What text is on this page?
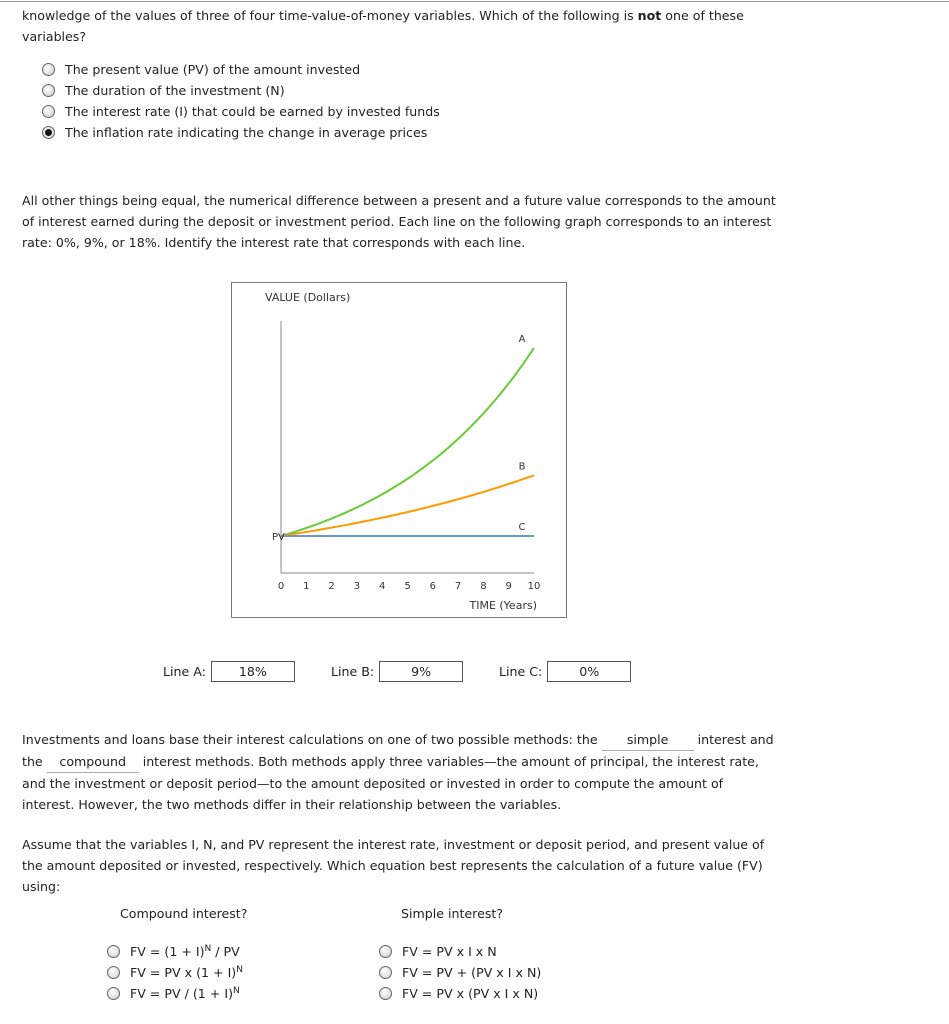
knowledge of the values of three of four time-value-of-money variables. Which of the following is not one of these variables?
The present value (PV) of the amount invested
The duration of the investment (N)
The interest rate (I) that could be earned by invested funds
The inflation rate indicating the change in average prices
All other things being equal, the numerical difference between a present and a future value corresponds to the amount of interest earned during the deposit or investment period. Each line on the following graph corresponds to an interest rate: 0%, 9%, or 18%. Identify the interest rate that corresponds with each line.
VALUE (Dollars)
TIME (Years)
0 1 2 3 4 5 6 7 8 9 10
A
B
C
PV
Line A:	18%	Line B:	9%	Line C:	0%
Investments and loans base their interest calculations on one of two possible methods: the simple interest and the compound interest methods. Both methods apply three variables—the amount of principal, the interest rate, and the investment or deposit period—to the amount deposited or invested in order to compute the amount of interest. However, the two methods differ in their relationship between the variables.
Assume that the variables I, N, and PV represent the interest rate, investment or deposit period, and present value of the amount deposited or invested, respectively. Which equation best represents the calculation of a future value (FV) using:
Compound interest?	Simple interest?
FV = $(1 + I)^N$ / PV
FV = PV x $(1 + I)^N$
FV = PV / $(1 + I)^N$
FV = PV x I x N
FV = PV + (PV x I x N)
FV = PV x (PV x I x N)
